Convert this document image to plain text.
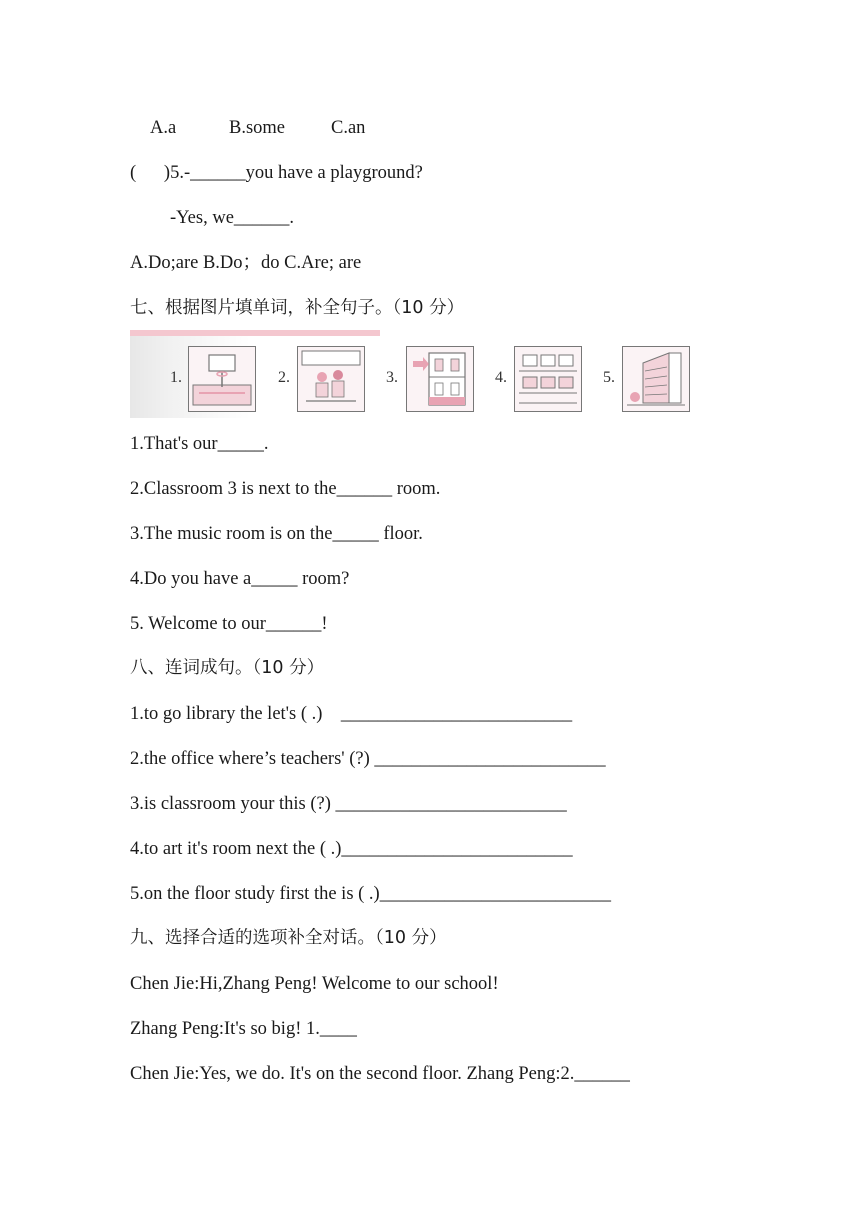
A.a	B.some C.an
(      )5.-______you have a playground?
-Yes, we______.
A.Do;are B.Do；do C.Are; are
七、根据图片填单词，补全句子。（10 分）
1.	2.	3.	4.	5.
1.That's our_____.
2.Classroom 3 is next to the______ room.
3.The music room is on the_____ floor.
4.Do you have a_____ room?
5. Welcome to our______!
八、连词成句。（10 分）
1.to go library the let's ( .)    _________________________
2.the office where’s teachers' (?) _________________________
3.is classroom your this (?) _________________________
4.to art it's room next the ( .)_________________________
5.on the floor study first the is ( .)_________________________
九、选择合适的选项补全对话。（10 分）
Chen Jie:Hi,Zhang Peng! Welcome to our school!
Zhang Peng:It's so big! 1.____
Chen Jie:Yes, we do. It's on the second floor. Zhang Peng:2.______
